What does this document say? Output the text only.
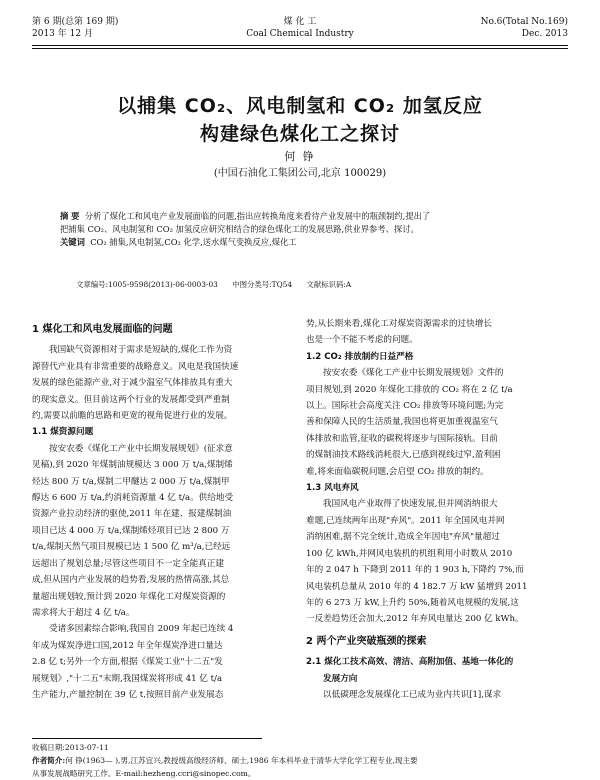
第 6 期(总第 169 期)
2013 年 12 月
煤 化 工
Coal Chemical Industry
No.6(Total No.169)
Dec. 2013
以捕集 CO₂、风电制氢和 CO₂ 加氢反应
构建绿色煤化工之探讨
何 铮
(中国石油化工集团公司,北京 100029)
摘 要 分析了煤化工和风电产业发展面临的问题,指出应转换角度来看待产业发展中的瓶颈制约,提出了
把捕集 CO₂、风电制氢和 CO₂ 加氢反应研究相结合的绿色煤化工的发展思路,供业界参考、探讨。
关键词 CO₂ 捕集,风电制氢,CO₂ 化学,送水煤气变换反应,煤化工
文章编号:1005-9598(2013)-06-0003-03 中图分类号:TQ54 文献标识码:A
1 煤化工和风电发展面临的问题
我国缺气资源相对于需求是短缺的,煤化工作为资
源替代产业具有非常重要的战略意义。风电是我国快速
发展的绿色能源产业,对于减少温室气体排放具有重大
的现实意义。但目前这两个行业的发展都受到严重制
约,需要以前瞻的思路和更宽的视角促进行业的发展。
1.1 煤资源问题
按安农委《煤化工产业中长期发展规划》(征求意
见稿),到 2020 年煤制油规模达 3 000 万 t/a,煤制烯
烃达 800 万 t/a,煤制二甲醚达 2 000 万 t/a,煤制甲
醇达 6 600 万 t/a,约消耗资源量 4 亿 t/a。供给地受
资源产业拉动经济的驱使,2011 年在建、报建煤制油
项目已达 4 000 万 t/a,煤制烯烃项目已达 2 800 万
t/a,煤制天然气项目规模已达 1 500 亿 m³/a,已经远
远超出了规划总量;尽管这些项目不一定全能真正建
成,但从国内产业发展的趋势看,发展的热情高涨,其总
量超出规划较,预计到 2020 年煤化工对煤炭资源的
需求将大于超过 4 亿 t/a。
受诸多因素综合影响,我国自 2009 年起已连续 4
年成为煤炭净进口国,2012 年全年煤炭净进口量达
2.8 亿 t;另外一个方面,根据《煤炭工业"十二五"发
展规划》,"十二五"末期,我国煤炭将形成 41 亿 t/a
生产能力,产量控制在 39 亿 t,按照目前产业发展态
势,从长期来看,煤化工对煤炭资源需求的过快增长
也是一个不能不考虑的问题。
1.2 CO₂ 排放制约日益严格
按安农委《煤化工产业中长期发展规划》文件的
项目规划,到 2020 年煤化工排放的 CO₂ 将在 2 亿 t/a
以上。国际社会高度关注 CO₂ 排放等环境问题;为完
善和保障人民的生活质量,我国也将更加重视温室气
体排放和监管,征收的碳税将逐步与国际接轨。目前
的煤制油技术路线消耗很大,已感到视线过窄,盈利困
难,将来面临碳税问题,会启望 CO₂ 排放的制约。
1.3 风电弃风
我国风电产业取得了快速发展,但并网消纳很大
难题,已连续两年出现"弃风"。2011 年全国风电并网
消纳困难,据不完全统计,造成全年因电"弃风"量超过
100 亿 kWh,并网风电装机的机组利用小时数从 2010
年的 2 047 h 下降到 2011 年的 1 903 h,下降约 7%,而
风电装机总量从 2010 年的 4 182.7 万 kW 猛增到 2011
年的 6 273 万 kW,上升约 50%,随着风电规模的发展,这
一反差趋势还会加大,2012 年弃风电量达 200 亿 kWh。
2 两个产业突破瓶颈的探索
2.1 煤化工技术高效、清洁、高附加值、基地一体化的
发展方向
以低碳理念发展煤化工已成为业内共识[1],谋求
收稿日期:2013-07-11
作者简介:何 铮(1963— ),男,江苏宜兴,教授级高级经济师、硕士,1986 年本科毕业于清华大学化学工程专业,现主要
从事发展战略研究工作。E-mail:hezheng.ccri@sinopec.com。
